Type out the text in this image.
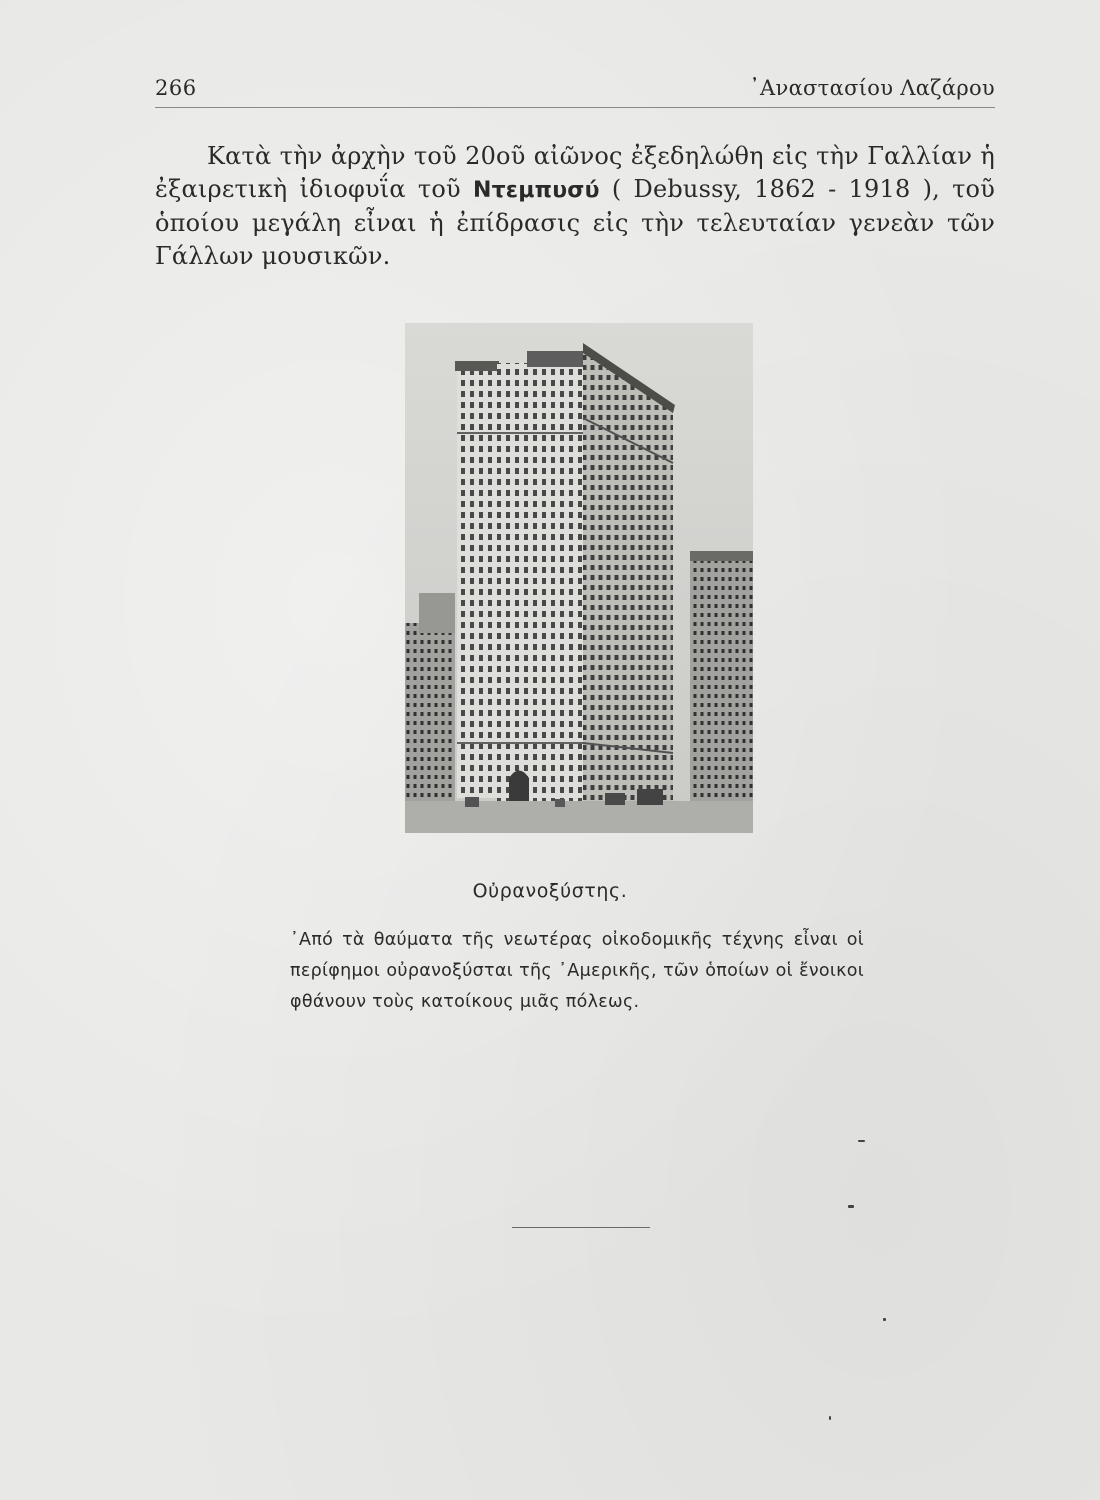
266	᾿Αναστασίου Λαζάρου

Κατὰ τὴν ἀρχὴν τοῦ 20οῦ αἰῶνος ἐξεδηλώθη εἰς τὴν Γαλλίαν ἡ ἐξαιρετικὴ ἰδιοφυΐα τοῦ Ντεμπυσύ ( Debussy, 1862 - 1918 ), τοῦ ὁποίου μεγάλη εἶναι ἡ ἐπίδρασις εἰς τὴν τελευταίαν γενεὰν τῶν Γάλλων μουσικῶν.

Οὐρανοξύστης.

᾿Από τὰ θαύματα τῆς νεωτέρας οἰκοδομικῆς τέχνης εἶναι οἱ περίφημοι οὐρανοξύσται τῆς ᾿Αμερικῆς, τῶν ὁποίων οἱ ἔνοικοι φθάνουν τοὺς κατοίκους μιᾶς πόλεως.
